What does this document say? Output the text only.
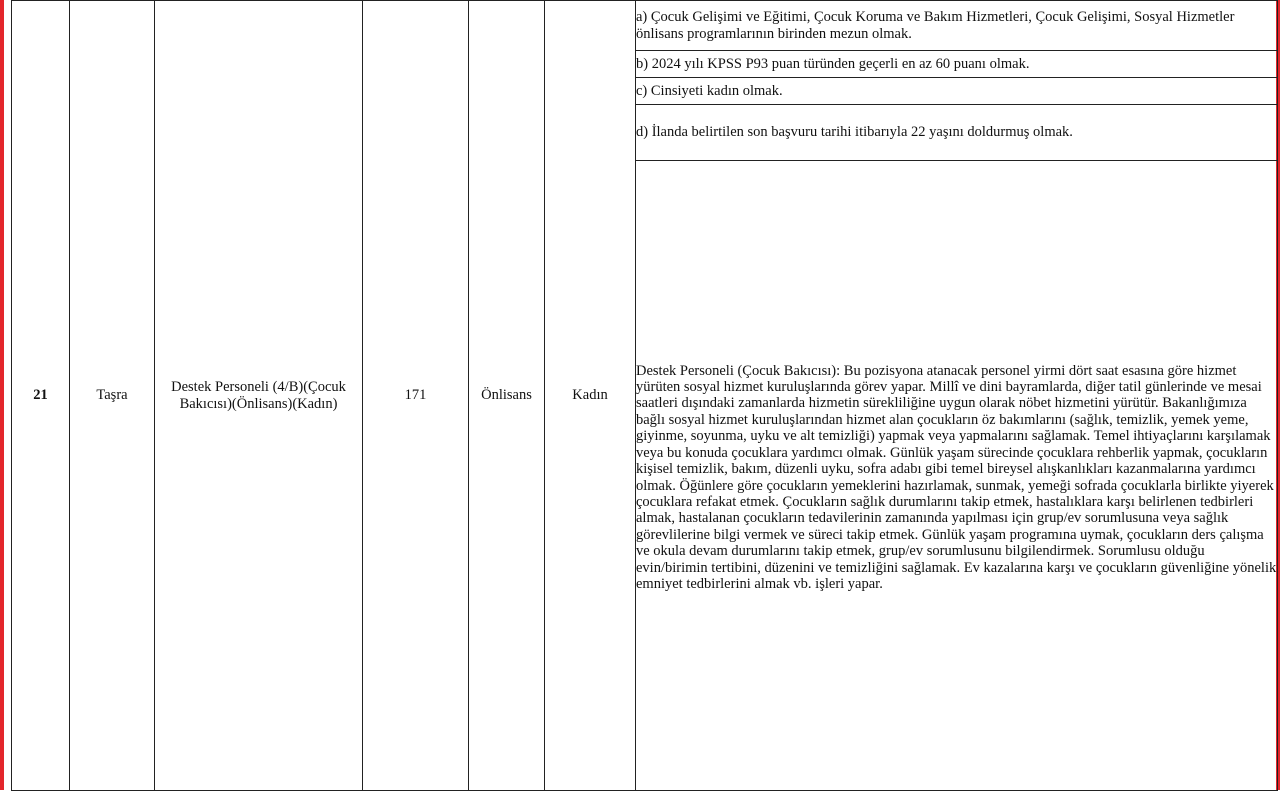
21	Taşra	Destek Personeli (4/B)(Çocuk Bakıcısı)(Önlisans)(Kadın)	171	Önlisans	Kadın	a) Çocuk Gelişimi ve Eğitimi, Çocuk Koruma ve Bakım Hizmetleri, Çocuk Gelişimi, Sosyal Hizmetler önlisans programlarının birinden mezun olmak.
b) 2024 yılı KPSS P93 puan türünden geçerli en az 60 puanı olmak.
c) Cinsiyeti kadın olmak.
d) İlanda belirtilen son başvuru tarihi itibarıyla 22 yaşını doldurmuş olmak.

Destek Personeli (Çocuk Bakıcısı): Bu pozisyona atanacak personel yirmi dört saat esasına göre hizmet yürüten sosyal hizmet kuruluşlarında görev yapar. Millî ve dini bayramlarda, diğer tatil günlerinde ve mesai saatleri dışındaki zamanlarda hizmetin sürekliliğine uygun olarak nöbet hizmetini yürütür. Bakanlığımıza bağlı sosyal hizmet kuruluşlarından hizmet alan çocukların öz bakımlarını (sağlık, temizlik, yemek yeme, giyinme, soyunma, uyku ve alt temizliği) yapmak veya yapmalarını sağlamak. Temel ihtiyaçlarını karşılamak veya bu konuda çocuklara yardımcı olmak. Günlük yaşam sürecinde çocuklara rehberlik yapmak, çocukların kişisel temizlik, bakım, düzenli uyku, sofra adabı gibi temel bireysel alışkanlıkları kazanmalarına yardımcı olmak. Öğünlere göre çocukların yemeklerini hazırlamak, sunmak, yemeği sofrada çocuklarla birlikte yiyerek çocuklara refakat etmek. Çocukların sağlık durumlarını takip etmek, hastalıklara karşı belirlenen tedbirleri almak, hastalanan çocukların tedavilerinin zamanında yapılması için grup/ev sorumlusuna veya sağlık görevlilerine bilgi vermek ve süreci takip etmek. Günlük yaşam programına uymak, çocukların ders çalışma ve okula devam durumlarını takip etmek, grup/ev sorumlusunu bilgilendirmek. Sorumlusu olduğu evin/birimin tertibini, düzenini ve temizliğini sağlamak. Ev kazalarına karşı ve çocukların güvenliğine yönelik emniyet tedbirlerini almak vb. işleri yapar.
